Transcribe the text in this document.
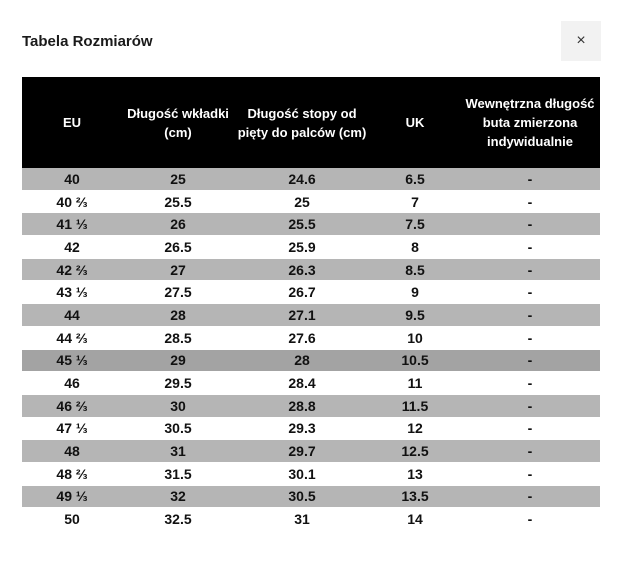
Tabela Rozmiarów	×
EU	Długość wkładki (cm)	Długość stopy od pięty do palców (cm)	UK	Wewnętrzna długość buta zmierzona indywidualnie
40	25	24.6	6.5	-
40 ⅔	25.5	25	7	-
41 ⅓	26	25.5	7.5	-
42	26.5	25.9	8	-
42 ⅔	27	26.3	8.5	-
43 ⅓	27.5	26.7	9	-
44	28	27.1	9.5	-
44 ⅔	28.5	27.6	10	-
45 ⅓	29	28	10.5	-
46	29.5	28.4	11	-
46 ⅔	30	28.8	11.5	-
47 ⅓	30.5	29.3	12	-
48	31	29.7	12.5	-
48 ⅔	31.5	30.1	13	-
49 ⅓	32	30.5	13.5	-
50	32.5	31	14	-
